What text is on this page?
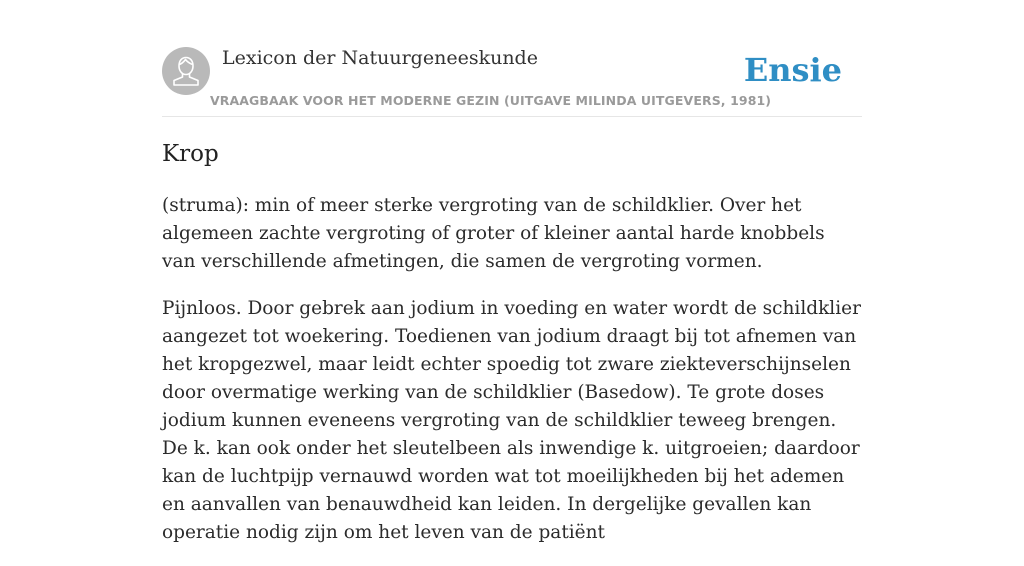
Lexicon der Natuurgeneeskunde
VRAAGBAAK VOOR HET MODERNE GEZIN (UITGAVE MILINDA UITGEVERS, 1981)
Ensie
Krop

(struma): min of meer sterke vergroting van de schildklier. Over het algemeen zachte vergroting of groter of kleiner aantal harde knobbels van verschillende afmetingen, die samen de vergroting vormen.

Pijnloos. Door gebrek aan jodium in voeding en water wordt de schildklier aangezet tot woekering. Toedienen van jodium draagt bij tot afnemen van het kropgezwel, maar leidt echter spoedig tot zware ziekteverschijnselen door overmatige werking van de schildklier (Basedow). Te grote doses jodium kunnen eveneens vergroting van de schildklier teweeg brengen. De k. kan ook onder het sleutelbeen als inwendige k. uitgroeien; daardoor kan de luchtpijp vernauwd worden wat tot moeilijkheden bij het ademen en aanvallen van benauwdheid kan leiden. In dergelijke gevallen kan operatie nodig zijn om het leven van de patiënt
